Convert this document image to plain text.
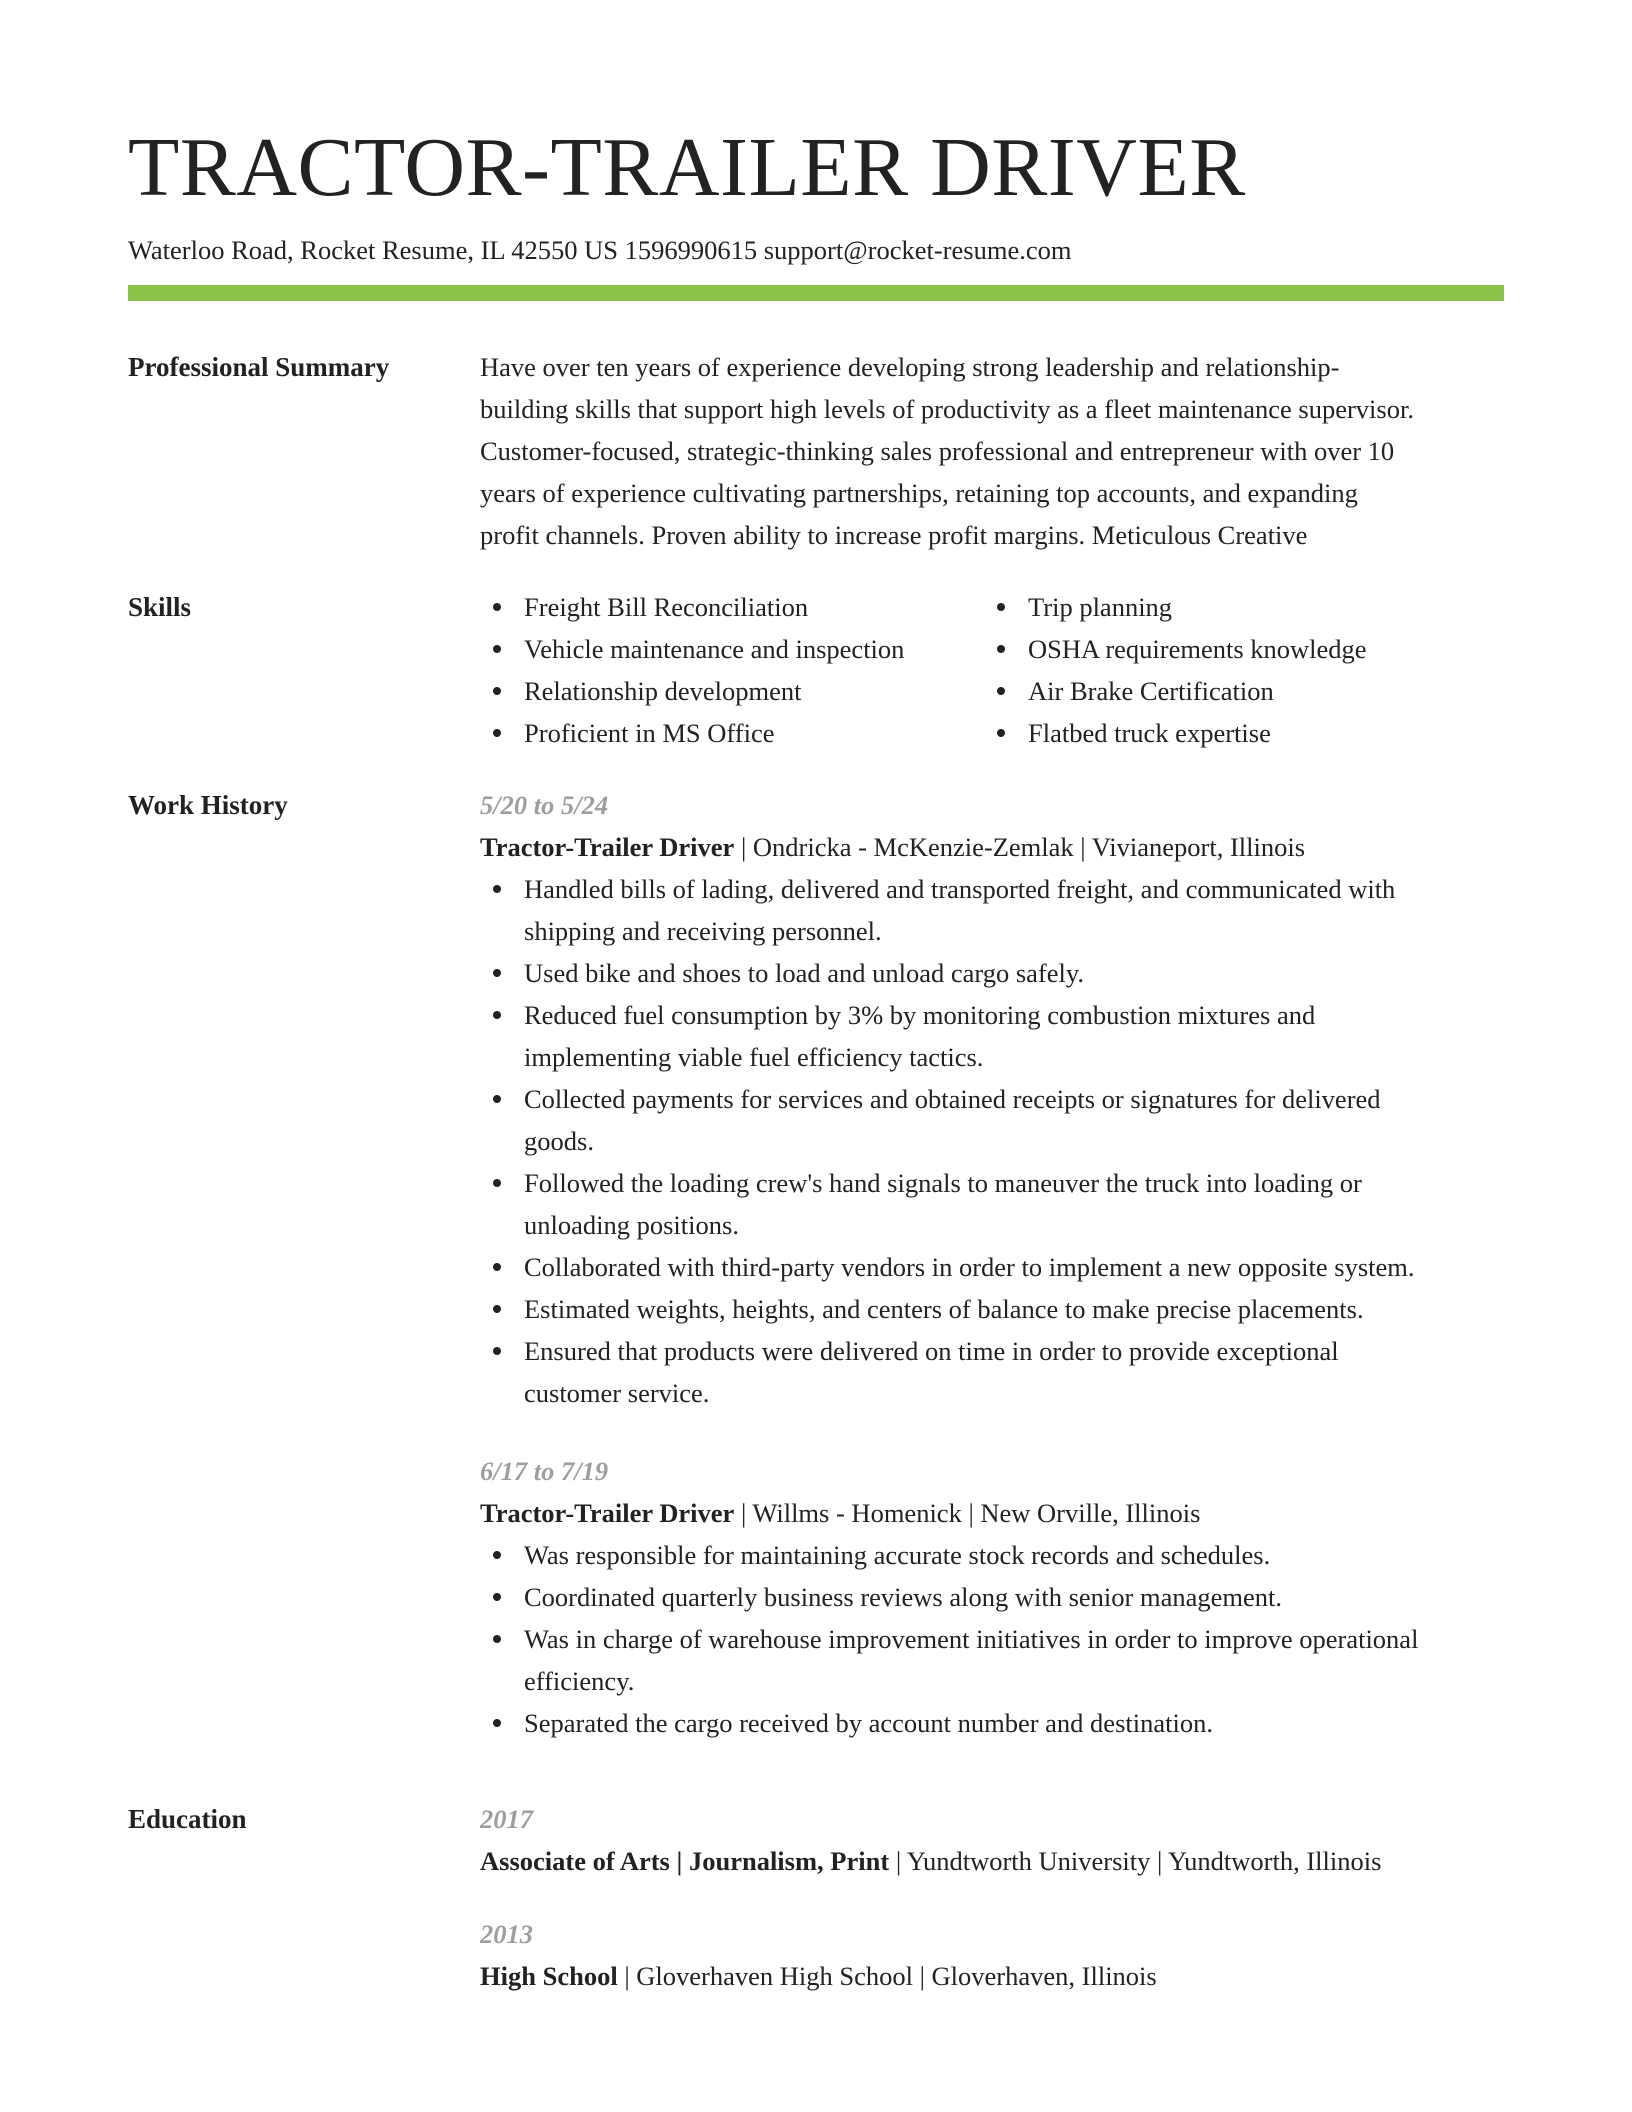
TRACTOR-TRAILER DRIVER
Waterloo Road, Rocket Resume, IL 42550 US 1596990615 support@rocket-resume.com
Professional Summary	Have over ten years of experience developing strong leadership and relationship-
building skills that support high levels of productivity as a fleet maintenance supervisor.
Customer-focused, strategic-thinking sales professional and entrepreneur with over 10
years of experience cultivating partnerships, retaining top accounts, and expanding
profit channels. Proven ability to increase profit margins. Meticulous Creative

Skills	Freight Bill Reconciliation
Vehicle maintenance and inspection
Relationship development
Proficient in MS Office
Trip planning
OSHA requirements knowledge
Air Brake Certification
Flatbed truck expertise
Work History	5/20 to 5/24
Tractor-Trailer Driver | Ondricka - McKenzie-Zemlak | Vivianeport, Illinois
Handled bills of lading, delivered and transported freight, and communicated with
shipping and receiving personnel.
Used bike and shoes to load and unload cargo safely.
Reduced fuel consumption by 3% by monitoring combustion mixtures and
implementing viable fuel efficiency tactics.
Collected payments for services and obtained receipts or signatures for delivered
goods.
Followed the loading crew's hand signals to maneuver the truck into loading or
unloading positions.
Collaborated with third-party vendors in order to implement a new opposite system.
Estimated weights, heights, and centers of balance to make precise placements.
Ensured that products were delivered on time in order to provide exceptional
customer service.
6/17 to 7/19
Tractor-Trailer Driver | Willms - Homenick | New Orville, Illinois
Was responsible for maintaining accurate stock records and schedules.
Coordinated quarterly business reviews along with senior management.
Was in charge of warehouse improvement initiatives in order to improve operational
efficiency.
Separated the cargo received by account number and destination.
Education	2017
Associate of Arts | Journalism, Print | Yundtworth University | Yundtworth, Illinois
2013
High School | Gloverhaven High School | Gloverhaven, Illinois
